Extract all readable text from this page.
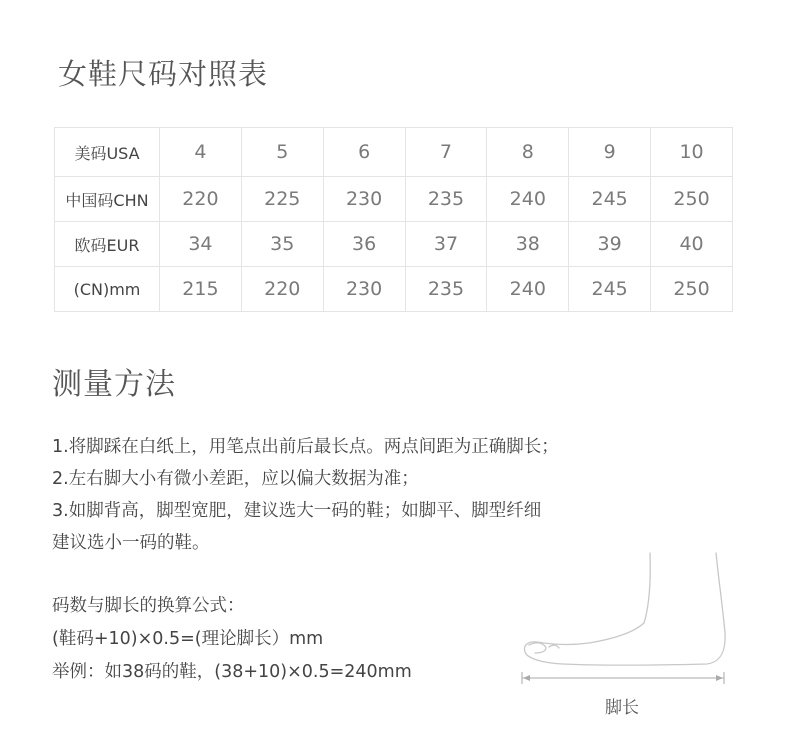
女鞋尺码对照表
美码USA	4	5	6	7	8	9	10
中国码CHN	220	225	230	235	240	245	250
欧码EUR	34	35	36	37	38	39	40
(CN)mm	215	220	230	235	240	245	250
测量方法
1.将脚踩在白纸上，用笔点出前后最长点。两点间距为正确脚长；
2.左右脚大小有微小差距，应以偏大数据为准；
3.如脚背高，脚型宽肥，建议选大一码的鞋；如脚平、脚型纤细
建议选小一码的鞋。
码数与脚长的换算公式：
(鞋码+10)×0.5=(理论脚长）mm
举例：如38码的鞋，(38+10)×0.5=240mm
脚长
